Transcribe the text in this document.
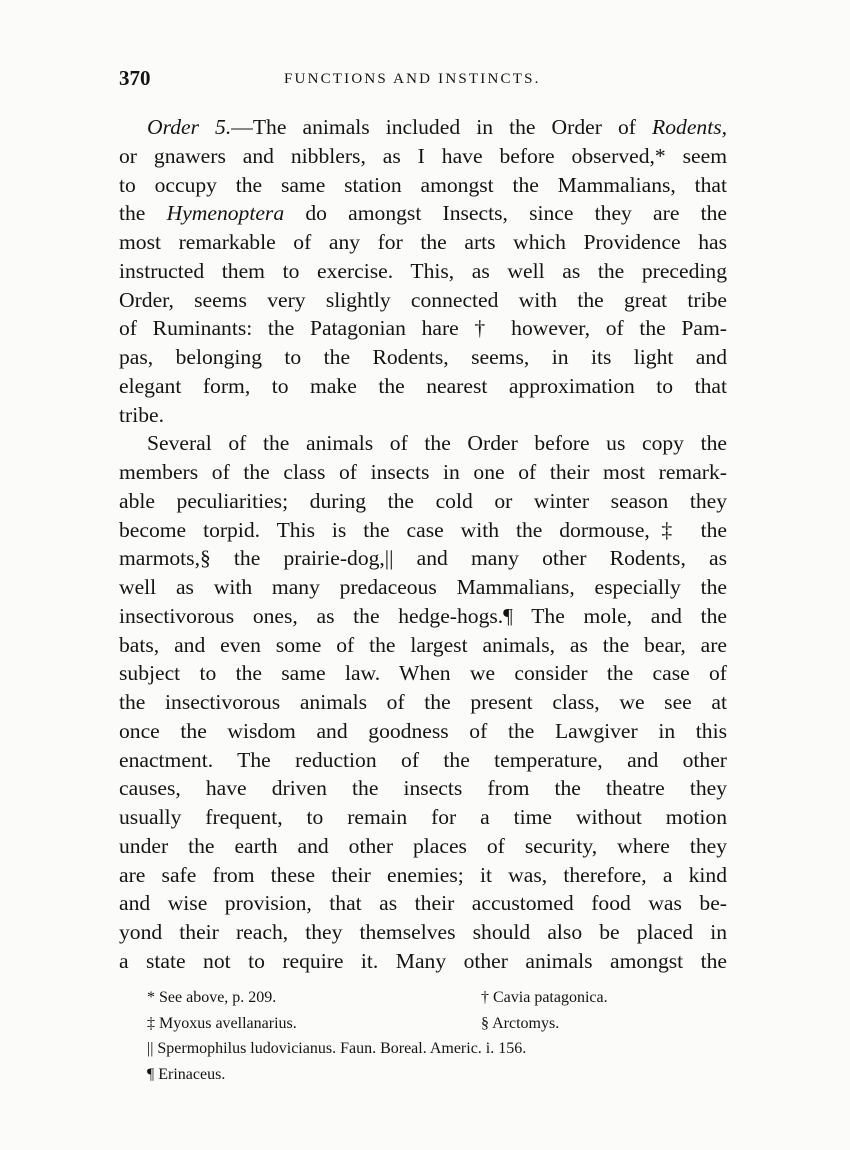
370	FUNCTIONS AND INSTINCTS.
Order 5.—The animals included in the Order of Rodents,
or gnawers and nibblers, as I have before observed,* seem
to occupy the same station amongst the Mammalians, that
the Hymenoptera do amongst Insects, since they are the
most remarkable of any for the arts which Providence has
instructed them to exercise. This, as well as the preceding
Order, seems very slightly connected with the great tribe
of Ruminants: the Patagonian hare † however, of the Pam-
pas, belonging to the Rodents, seems, in its light and
elegant form, to make the nearest approximation to that
tribe.
Several of the animals of the Order before us copy the
members of the class of insects in one of their most remark-
able peculiarities; during the cold or winter season they
become torpid. This is the case with the dormouse,‡ the
marmots,§ the prairie-dog,|| and many other Rodents, as
well as with many predaceous Mammalians, especially the
insectivorous ones, as the hedge-hogs.¶ The mole, and the
bats, and even some of the largest animals, as the bear, are
subject to the same law. When we consider the case of
the insectivorous animals of the present class, we see at
once the wisdom and goodness of the Lawgiver in this
enactment. The reduction of the temperature, and other
causes, have driven the insects from the theatre they
usually frequent, to remain for a time without motion
under the earth and other places of security, where they
are safe from these their enemies; it was, therefore, a kind
and wise provision, that as their accustomed food was be-
yond their reach, they themselves should also be placed in
a state not to require it. Many other animals amongst the
* See above, p. 209.	† Cavia patagonica.
‡ Myoxus avellanarius.	§ Arctomys.
|| Spermophilus ludovicianus. Faun. Boreal. Americ. i. 156.
¶ Erinaceus.
